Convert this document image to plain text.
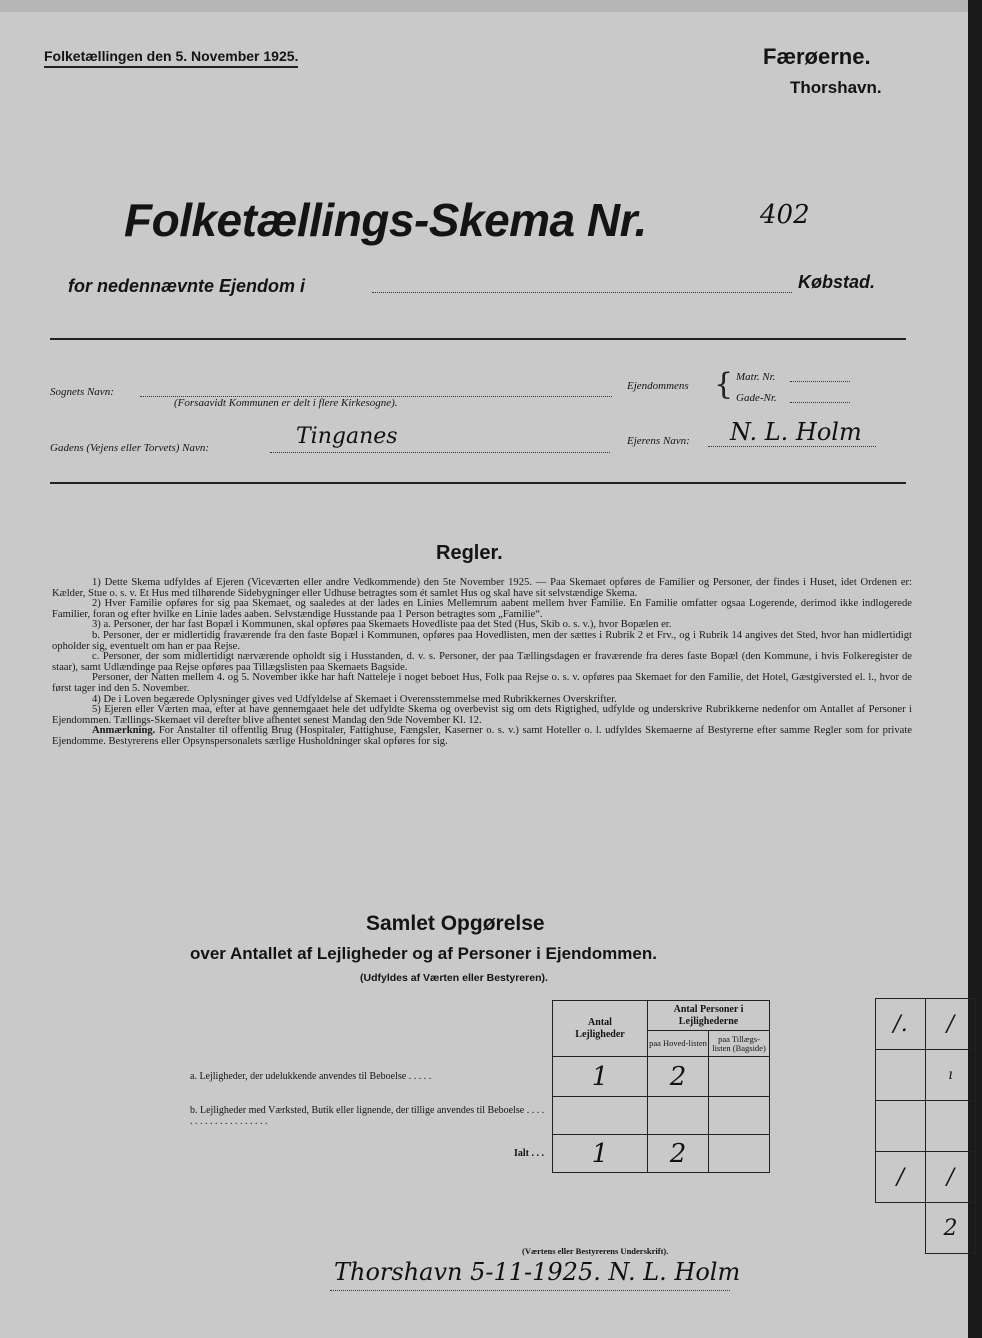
Folketællingen den 5. November 1925.	Færøerne.
Thorshavn.
Folketællings-Skema Nr.	402
for nedennævnte Ejendom i	Købstad.
Sognets Navn:
(Forsaavidt Kommunen er delt i flere Kirkesogne).
Ejendommens { Matr. Nr.
Gade-Nr.
Gadens (Vejens eller Torvets) Navn:	Tinganes	Ejerens Navn: N. L. Holm
Regler.

1) Dette Skema udfyldes af Ejeren (Viceværten eller andre Vedkommende) den 5te November 1925. — Paa Skemaet opføres de Familier og Personer, der findes i Huset, idet Ordenen er: Kælder, Stue o. s. v. Et Hus med tilhørende Sidebygninger eller Udhuse betragtes som ét samlet Hus og skal have sit selvstændige Skema.

2) Hver Familie opføres for sig paa Skemaet, og saaledes at der lades en Linies Mellemrum aabent mellem hver Familie. En Familie omfatter ogsaa Logerende, derimod ikke indlogerede Familier, foran og efter hvilke en Linie lades aaben. Selvstændige Husstande paa 1 Person betragtes som „Familie“.

3) a. Personer, der har fast Bopæl i Kommunen, skal opføres paa Skemaets Hovedliste paa det Sted (Hus, Skib o. s. v.), hvor Bopælen er.

b. Personer, der er midlertidig fraværende fra den faste Bopæl i Kommunen, opføres paa Hovedlisten, men der sættes i Rubrik 2 et Frv., og i Rubrik 14 angives det Sted, hvor han midlertidigt opholder sig, eventuelt om han er paa Rejse.

c. Personer, der som midlertidigt nærværende opholdt sig i Husstanden, d. v. s. Personer, der paa Tællingsdagen er fraværende fra deres faste Bopæl (den Kommune, i hvis Folkeregister de staar), samt Udlændinge paa Rejse opføres paa Tillægslisten paa Skemaets Bagside.

Personer, der Natten mellem 4. og 5. November ikke har haft Natteleje i noget beboet Hus, Folk paa Rejse o. s. v. opføres paa Skemaet for den Familie, det Hotel, Gæstgiversted el. l., hvor de først tager ind den 5. November.

4) De i Loven begærede Oplysninger gives ved Udfyldelse af Skemaet i Overensstemmelse med Rubrikkernes Overskrifter.

5) Ejeren eller Værten maa, efter at have gennemgaaet hele det udfyldte Skema og overbevist sig om dets Rigtighed, udfylde og underskrive Rubrikkerne nedenfor om Antallet af Personer i Ejendommen. Tællings-Skemaet vil derefter blive afhentet senest Mandag den 9de November Kl. 12.

Anmærkning. For Anstalter til offentlig Brug (Hospitaler, Fattighuse, Fængsler, Kaserner o. s. v.) samt Hoteller o. l. udfyldes Skemaerne af Bestyrerne efter samme Regler som for private Ejendomme. Bestyrerens eller Opsynspersonalets særlige Husholdninger skal opføres for sig.

Samlet Opgørelse
over Antallet af Lejligheder og af Personer i Ejendommen.
(Udfyldes af Værten eller Bestyreren).

	Antal Lejligheder	Antal Personer i Lejlighederne	

		paa Hoved-listen	paa Tillægs-listen (Bagside)

a. Lejligheder, der udelukkende anvendes til Beboelse . . . . .	1	2	
b. Lejligheder med Værksted, Butik eller lignende, der tillige anvendes til Beboelse . . . . . . . . . . . . . . . . . . . .			
Ialt . . .	1	2	
/.	/
	ı

/	/
	2
(Værtens eller Bestyrerens Underskrift).
Thorshavn 5-11-1925. N. L. Holm
